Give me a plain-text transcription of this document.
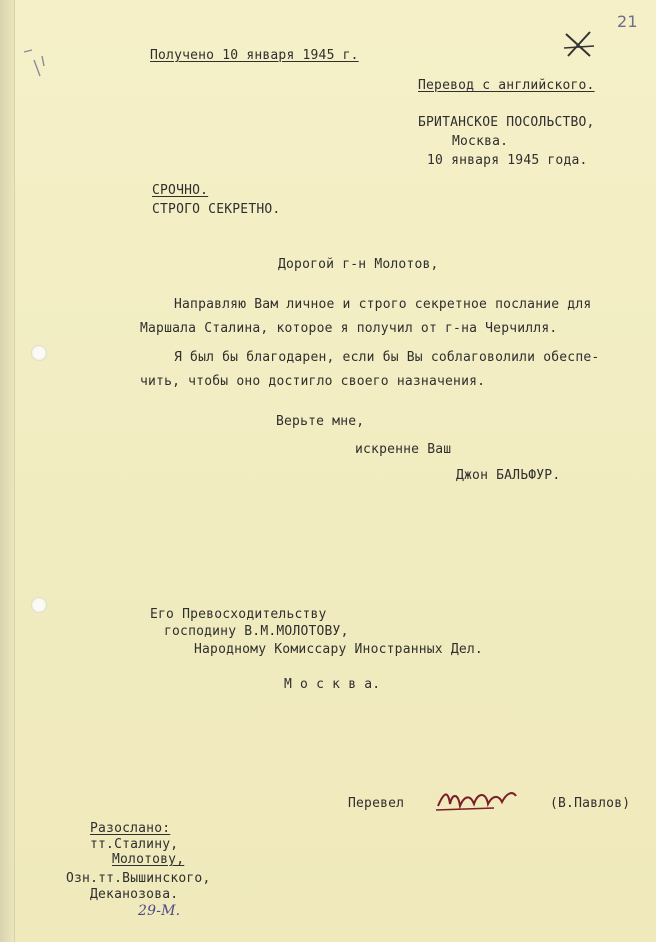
21
Получено 10 января 1945 г.
Перевод с английского.
БРИТАНСКОЕ ПОСОЛЬСТВО,
Москва.
10 января 1945 года.
СРОЧНО.
СТРОГО СЕКРЕТНО.
Дорогой г-н Молотов,
Направляю Вам личное и строго секретное послание для
Маршала Сталина, которое я получил от г-на Черчилля.
Я был бы благодарен, если бы Вы соблаговолили обеспе-
чить, чтобы оно достигло своего назначения.
Верьте мне,
искренне Ваш
Джон БАЛЬФУР.
Его Превосходительству
господину В.М.МОЛОТОВУ,
Народному Комиссару Иностранных Дел.
М о с к в а.
Перевел	(В.Павлов)
Разослано:
тт.Сталину,
Молотову,
Озн.тт.Вышинского,
Деканозова.
29-М.
